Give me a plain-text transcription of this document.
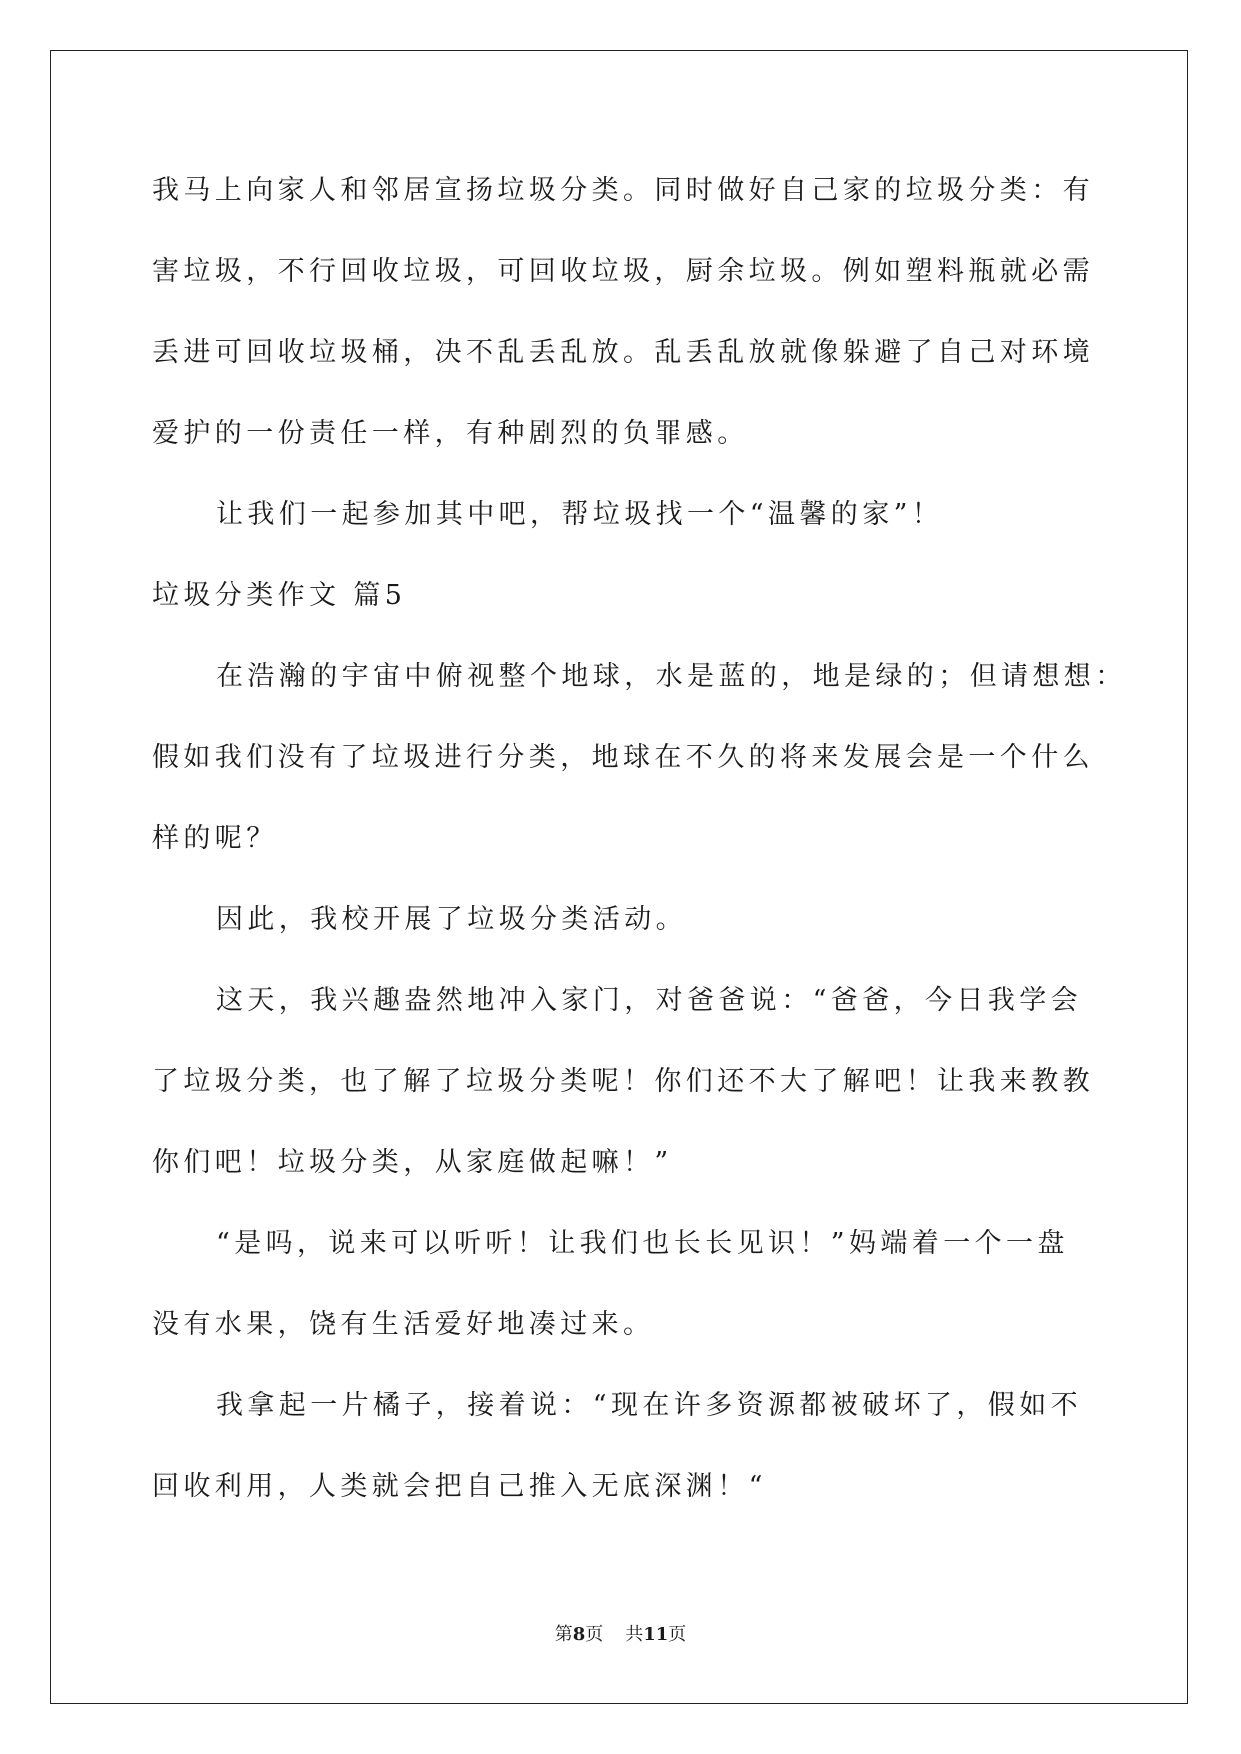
我马上向家人和邻居宣扬垃圾分类。同时做好自己家的垃圾分类：有
害垃圾，不行回收垃圾，可回收垃圾，厨余垃圾。例如塑料瓶就必需
丢进可回收垃圾桶，决不乱丢乱放。乱丢乱放就像躲避了自己对环境
爱护的一份责任一样，有种剧烈的负罪感。
让我们一起参加其中吧，帮垃圾找一个“温馨的家”！
垃圾分类作文 篇5
在浩瀚的宇宙中俯视整个地球，水是蓝的，地是绿的；但请想想：
假如我们没有了垃圾进行分类，地球在不久的将来发展会是一个什么
样的呢？
因此，我校开展了垃圾分类活动。
这天，我兴趣盎然地冲入家门，对爸爸说：“爸爸，今日我学会
了垃圾分类，也了解了垃圾分类呢！你们还不大了解吧！让我来教教
你们吧！垃圾分类，从家庭做起嘛！”
“是吗，说来可以听听！让我们也长长见识！”妈端着一个一盘
没有水果，饶有生活爱好地凑过来。
我拿起一片橘子，接着说：“现在许多资源都被破坏了，假如不
回收利用，人类就会把自己推入无底深渊！“
第8页 共11页
